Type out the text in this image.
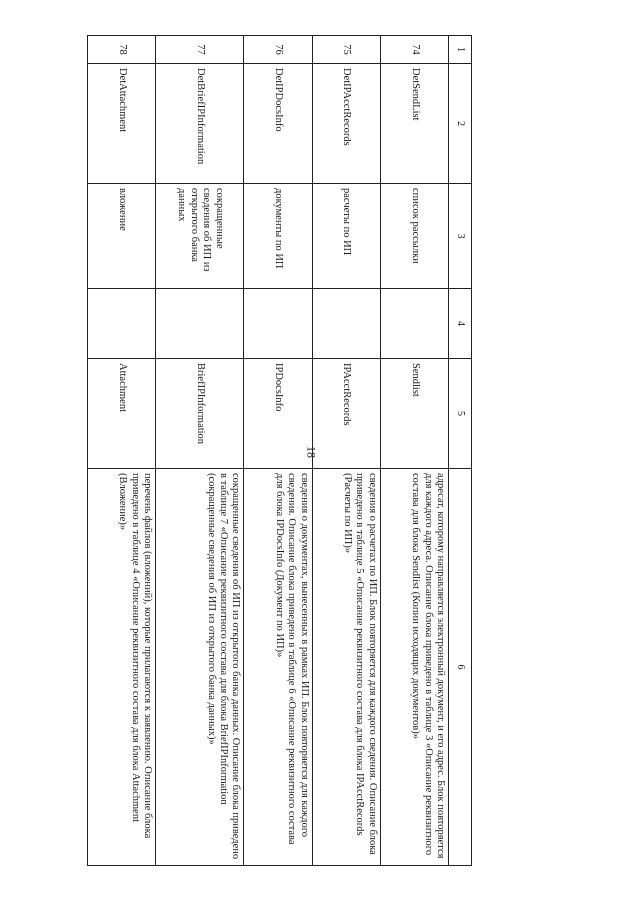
18
1	2	3	4	5	6
74	DetSendList	список рассылки		Sendlist	адресат, которому направляется электронный документ, и его адрес. Блок повторяется для каждого адреса. Описание блока приведено в таблице 3 «Описание реквизитного состава для блока Sendlist (Копии исходящих документов)»
75	DetIPAcctRecords	расчеты по ИП		IPAcctRecords	сведения о расчетах по ИП. Блок повторяется для каждого сведения. Описание блока приведено в таблице 5 «Описание реквизитного состава для блока IPAcctRecords (Расчеты по ИП)»
76	DetIPDocsInfo	документы по ИП		IPDocsInfo	сведения о документах, вынесенных в рамках ИП. Блок повторяется для каждого сведения. Описание блока приведено в таблице 6 «Описание реквизитного состава для блока IPDocsInfo (Документ по ИП)»
77	DetBriefIPInformation	сокращенные сведения об ИП из открытого банка данных		BriefIPInformation	сокращенные сведения об ИП из открытого банка данных. Описание блока приведено в таблице 7 «Описание реквизитного состава для блока BriefIPInformation (сокращенные сведения об ИП из открытого банка данных)»
78	DetAttachment	вложение		Attachment	перечень файлов (вложений), которые прилагаются к заявлению. Описание блока приведено в таблице 4 «Описание реквизитного состава для блока Attachment (Вложение)»
